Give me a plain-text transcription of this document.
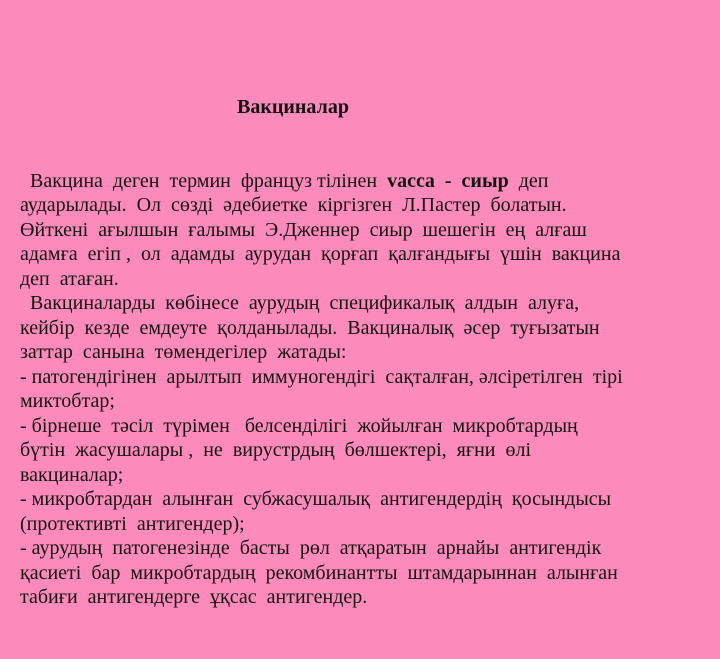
Вакциналар

Вакцина  деген  термин  француз тілінен  vacca  -  сиыр  деп
аударылады.  Ол  сөзді  әдебиетке  кіргізген  Л.Пастер  болатын.
Өйткені  ағылшын  ғалымы  Э.Дженнер  сиыр  шешегін  ең  алғаш
адамға  егіп ,  ол  адамды  аурудан  қорғап  қалғандығы  үшін  вакцина
деп  атаған.
Вакциналарды  көбінесе  аурудың  спецификалық  алдын  алуға,
кейбір  кезде  емдеуте  қолданылады.  Вакциналық  әсер  туғызатын
заттар  санына  төмендегілер  жатады:
- патогендігінен  арылтып  иммуногендігі  сақталған, әлсіретілген  тірі
миктобтар;
- бірнеше  тәсіл  түрімен   белсенділігі  жойылған  микробтардың
бүтін  жасушалары ,  не  вирустрдың  бөлшектері,  яғни  өлі
вакциналар;
- микробтардан  алынған  субжасушалық  антигендердің  қосындысы
(протективті  антигендер);
- аурудың  патогенезінде  басты  рөл  атқаратын  арнайы  антигендік
қасиеті  бар  микробтардың  рекомбинантты  штамдарыннан  алынған
табиғи  антигендерге  ұқсас  антигендер.
